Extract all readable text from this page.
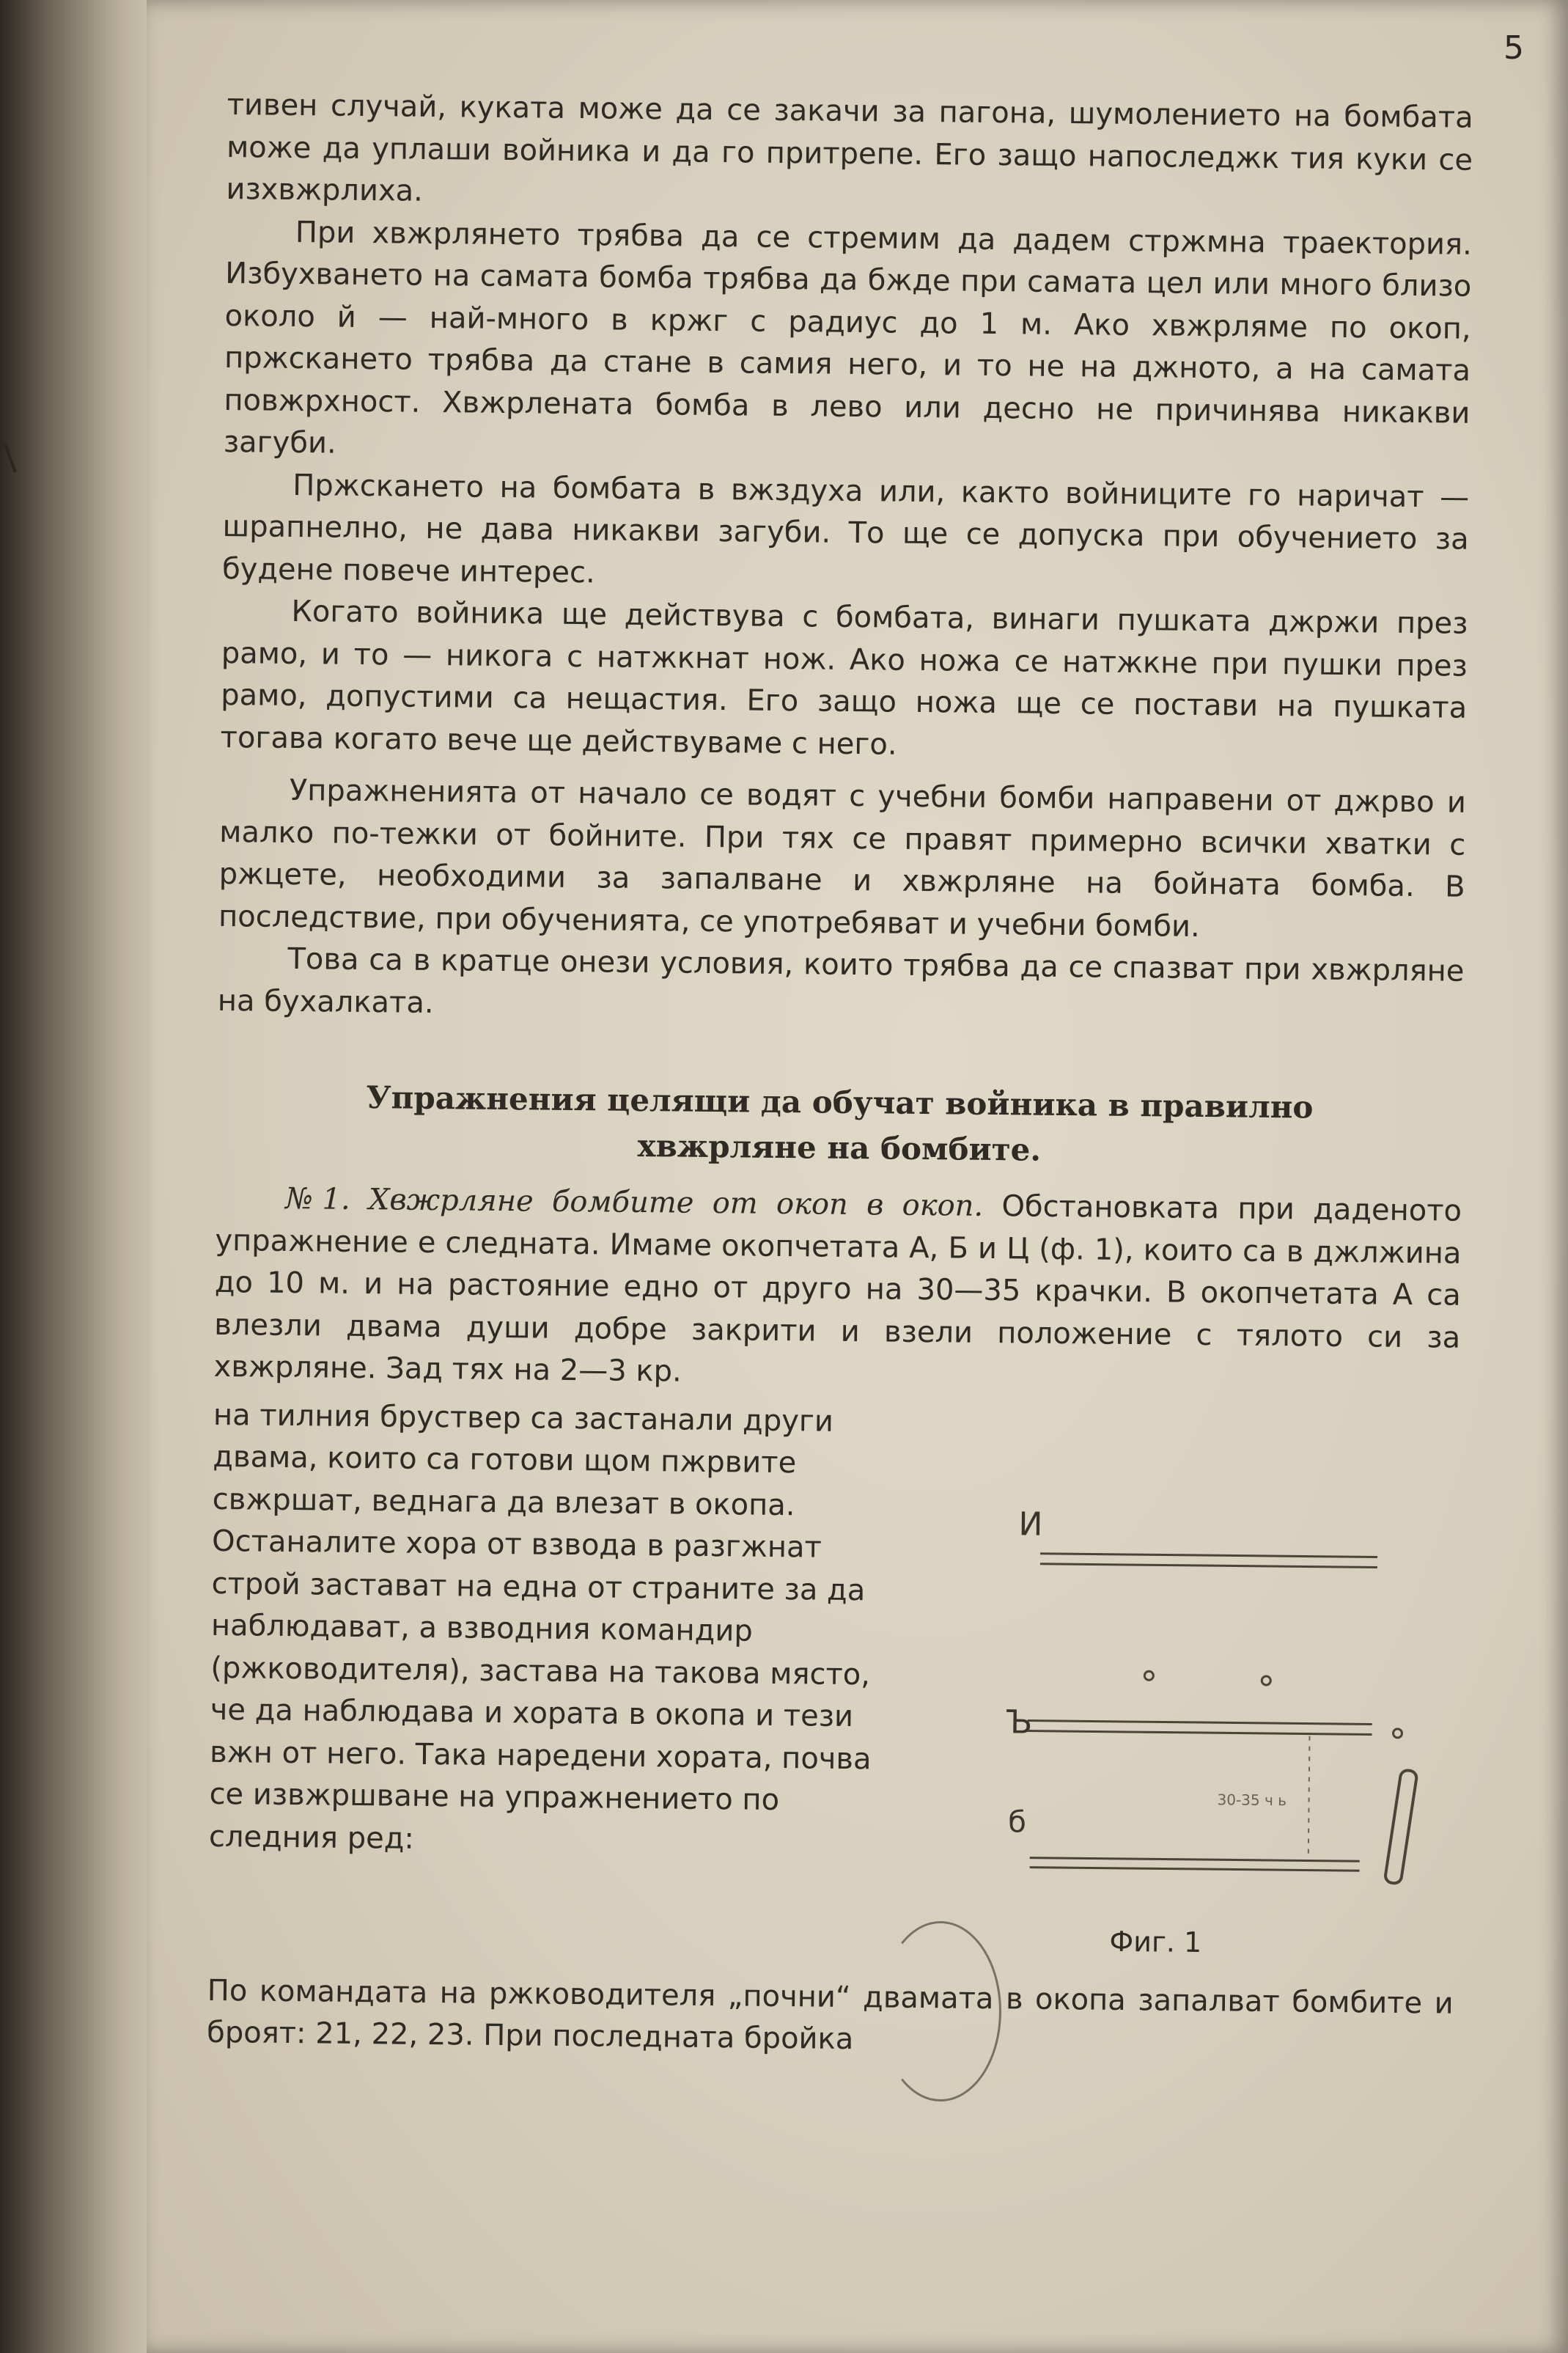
5

тивен случай, куката може да се закачи за пагона, шумолението на бомбата може да уплаши войника и да го притрепе. Его защо напоследжк тия куки се изхвжрлиха.

При хвжрлянето трябва да се стремим да дадем стржмна траектория. Избухването на самата бомба трябва да бжде при самата цел или много близо около й — най-много в кржг с радиус до 1 м. Ако хвжрляме по окоп, пржскането трябва да стане в самия него, и то не на джното, а на самата повжрхност. Хвжрлената бомба в лево или десно не причинява никакви загуби.

Пржскането на бомбата в вжздуха или, както войниците го наричат — шрапнелно, не дава никакви загуби. То ще се допуска при обучението за будене повече интерес.

Когато войника ще действува с бомбата, винаги пушката джржи през рамо, и то — никога с натжкнат нож. Ако ножа се натжкне при пушки през рамо, допустими са нещастия. Его защо ножа ще се постави на пушката тогава когато вече ще действуваме с него.

Упражненията от начало се водят с учебни бомби направени от джрво и малко по-тежки от бойните. При тях се правят примерно всички хватки с ржцете, необходими за запалване и хвжрляне на бойната бомба. В последствие, при обученията, се употребяват и учебни бомби.

Това са в кратце онези условия, които трябва да се спазват при хвжрляне на бухалката.

Упражнения целящи да обучат войника в правилно
хвжрляне на бомбите.

№1. Хвжрляне бомбите от окоп в окоп. Обстановката при даденото упражнение е следната. Имаме окопчетата А, Б и Ц (ф. 1), които са в джлжина до 10 м. и на растояние едно от друго на 30—35 крачки. В окопчетата А са влезли двама души добре закрити и взели положение с тялото си за хвжрляне. Зад тях на 2—3 кр.

И
Ъ
30-35 ч ь
б
Фиг. 1

на тилния бруствер са застанали други двама, които са готови щом пжрвите свжршат, веднага да влезат в окопа. Останалите хора от взвода в разгжнат строй застават на една от страните за да наблюдават, а взводния командир (ржководителя), застава на такова място, че да наблюдава и хората в окопа и тези вжн от него. Така наредени хората, почва се извжршване на упражнението по следния ред:

По командата на ржководителя „почни“ двамата в окопа запалват бомбите и броят: 21, 22, 23. При последната бройка
